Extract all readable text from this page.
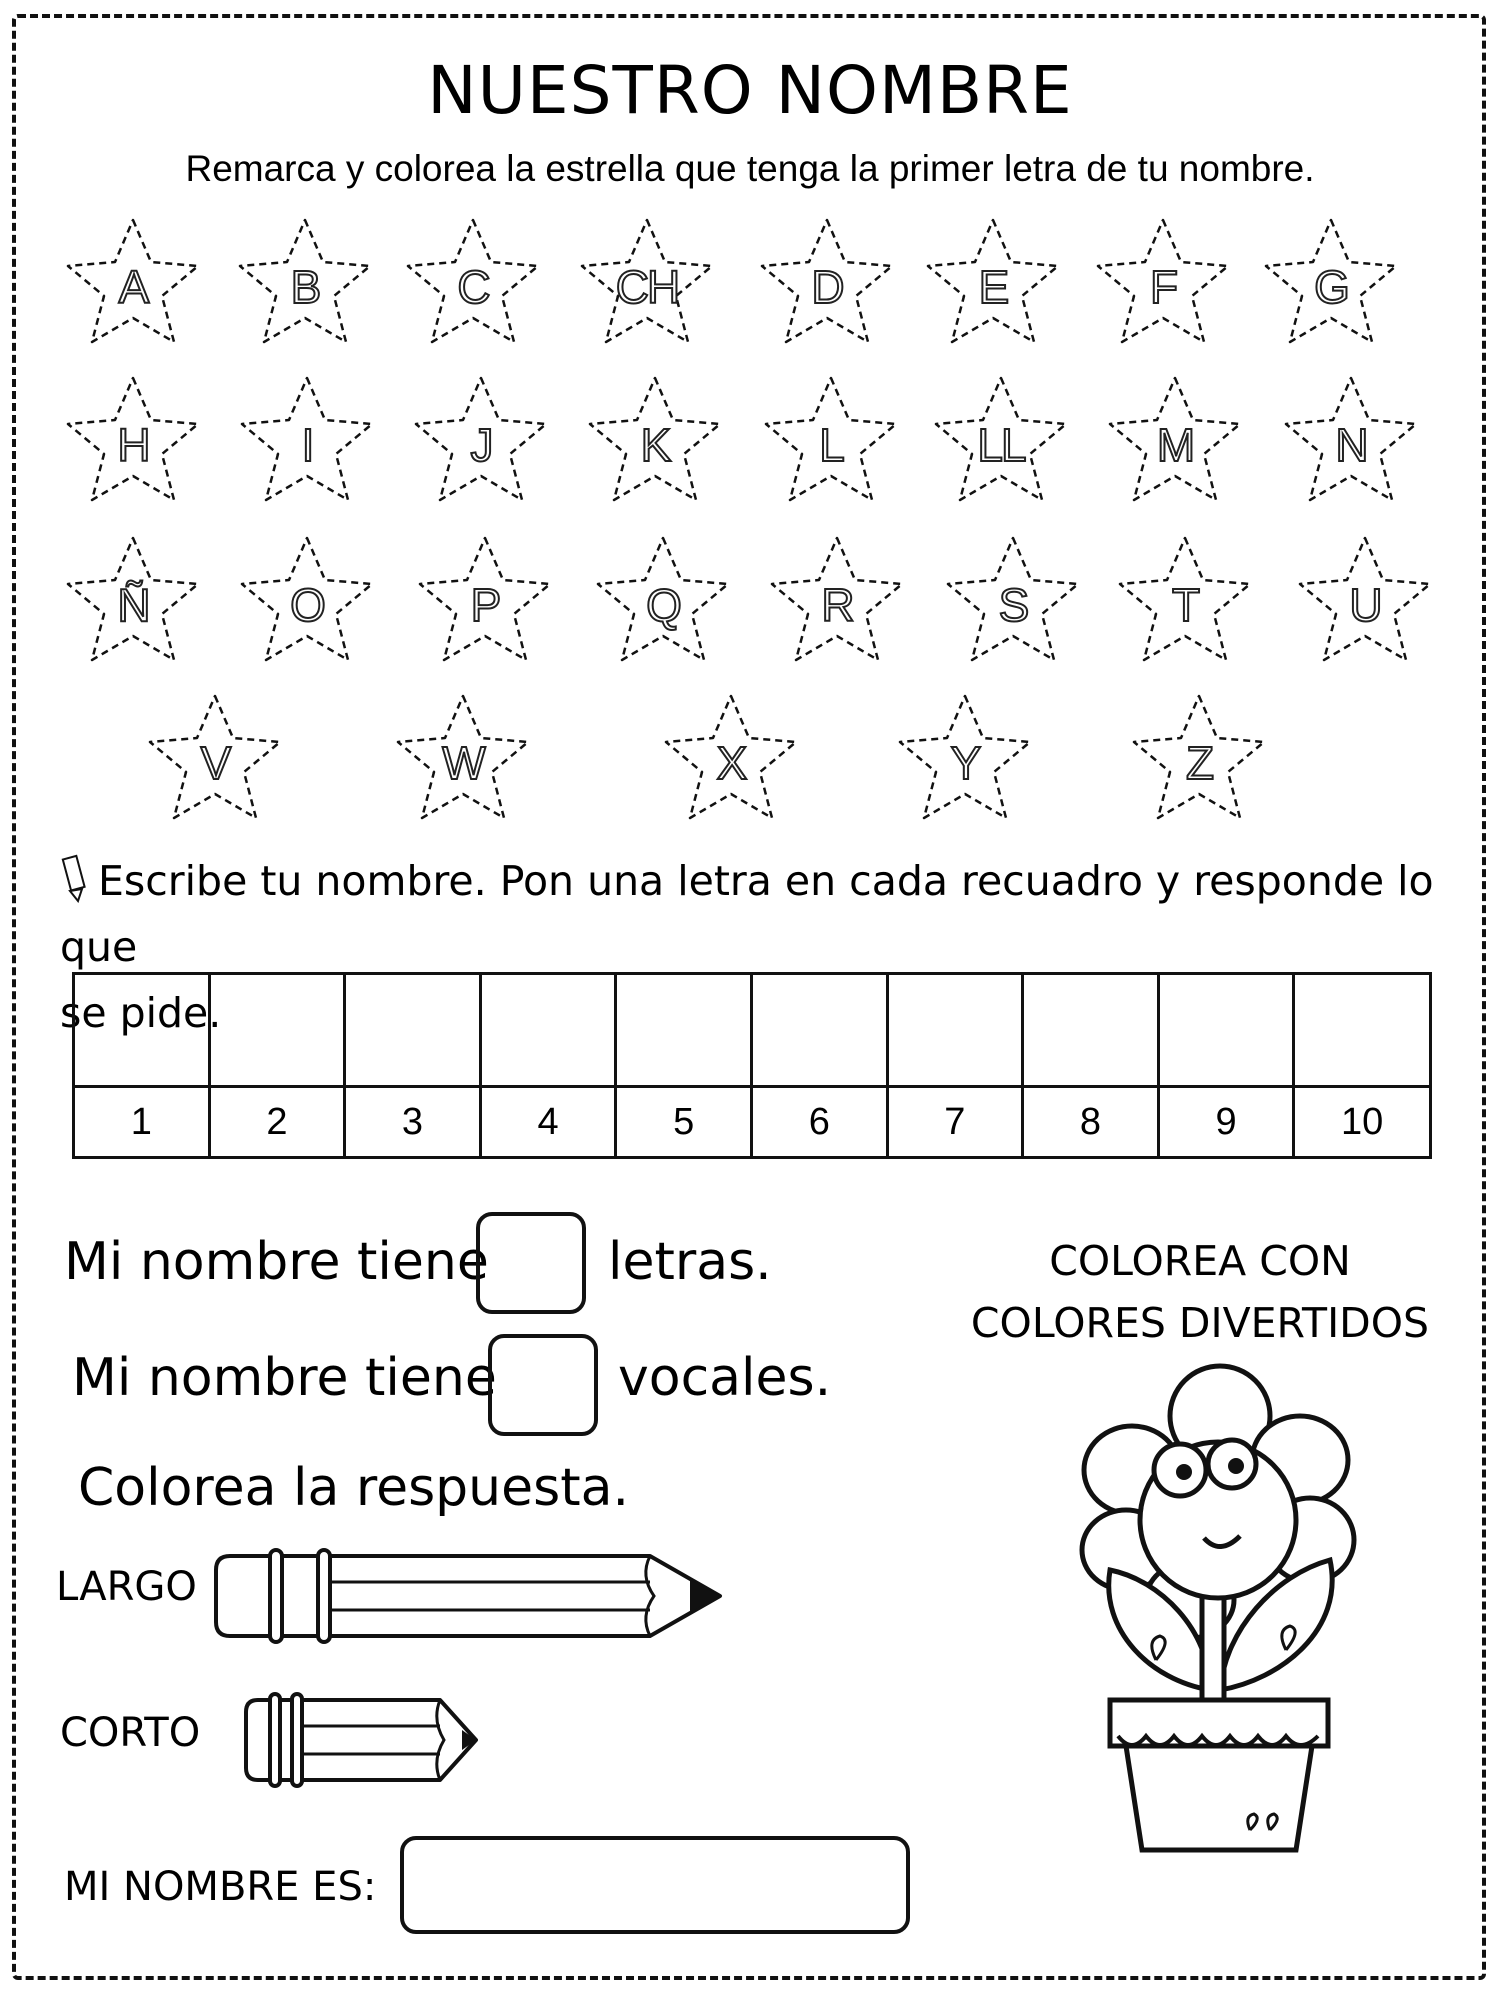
NUESTRO NOMBRE
Remarca y colorea la estrella que tenga la primer letra de tu nombre.
A	B	C	CH	D	E	F	G
H	I	J	K	L	LL	M	N
Ñ	O	P	Q	R	S	T	U
V	W	X	Y	Z
Escribe tu nombre. Pon una letra en cada recuadro y responde lo que
se pide.

1	2	3	4	5	6	7	8	9	10
Mi nombre tiene letras.
Mi nombre tiene vocales.
Colorea la respuesta.
LARGO
CORTO
MI NOMBRE ES:
COLOREA CON
COLORES DIVERTIDOS
